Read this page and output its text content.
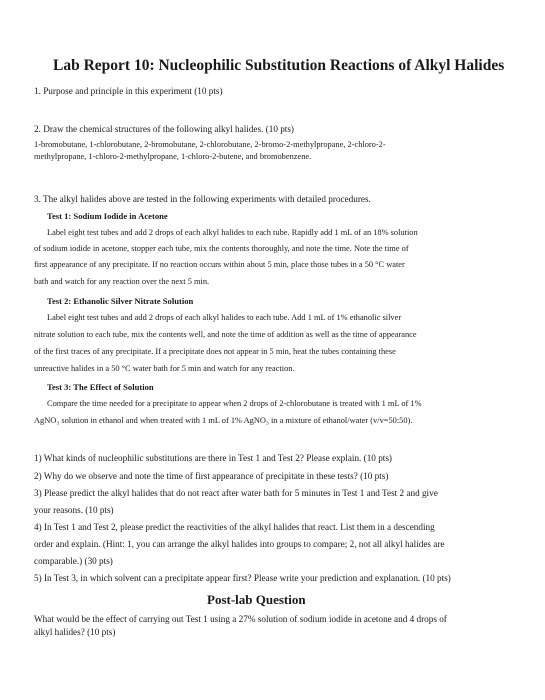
Lab Report 10: Nucleophilic Substitution Reactions of Alkyl Halides
1. Purpose and principle in this experiment (10 pts)
2. Draw the chemical structures of the following alkyl halides. (10 pts)
1-bromobutane, 1-chlorobutane, 2-bromobutane, 2-chlorobutane, 2-bromo-2-methylpropane, 2-chloro-2-
methylpropane, 1-chloro-2-methylpropane, 1-chloro-2-butene, and bromobenzene.
3. The alkyl halides above are tested in the following experiments with detailed procedures.
Test 1: Sodium Iodide in Acetone
Label eight test tubes and add 2 drops of each alkyl halides to each tube. Rapidly add 1 mL of an 18% solution
of sodium iodide in acetone, stopper each tube, mix the contents thoroughly, and note the time. Note the time of
first appearance of any precipitate. If no reaction occurs within about 5 min, place those tubes in a 50 °C water
bath and watch for any reaction over the next 5 min.
Test 2: Ethanolic Silver Nitrate Solution
Label eight test tubes and add 2 drops of each alkyl halides to each tube. Add 1 mL of 1% ethanolic silver
nitrate solution to each tube, mix the contents well, and note the time of addition as well as the time of appearance
of the first traces of any precipitate. If a precipitate does not appear in 5 min, heat the tubes containing these
unreactive halides in a 50 °C water bath for 5 min and watch for any reaction.
Test 3: The Effect of Solution
Compare the time needed for a precipitate to appear when 2 drops of 2-chlorobutane is treated with 1 mL of 1%
AgNO₃ solution in ethanol and when treated with 1 mL of 1% AgNO₃ in a mixture of ethanol/water (v/v=50:50).
1) What kinds of nucleophilic substitutions are there in Test 1 and Test 2? Please explain. (10 pts)
2) Why do we observe and note the time of first appearance of precipitate in these tests? (10 pts)
3) Please predict the alkyl halides that do not react after water bath for 5 minutes in Test 1 and Test 2 and give
your reasons. (10 pts)
4) In Test 1 and Test 2, please predict the reactivities of the alkyl halides that react. List them in a descending
order and explain. (Hint: 1, you can arrange the alkyl halides into groups to compare; 2, not all alkyl halides are
comparable.) (30 pts)
5) In Test 3, in which solvent can a precipitate appear first? Please write your prediction and explanation. (10 pts)
Post-lab Question
What would be the effect of carrying out Test 1 using a 27% solution of sodium iodide in acetone and 4 drops of
alkyl halides? (10 pts)
